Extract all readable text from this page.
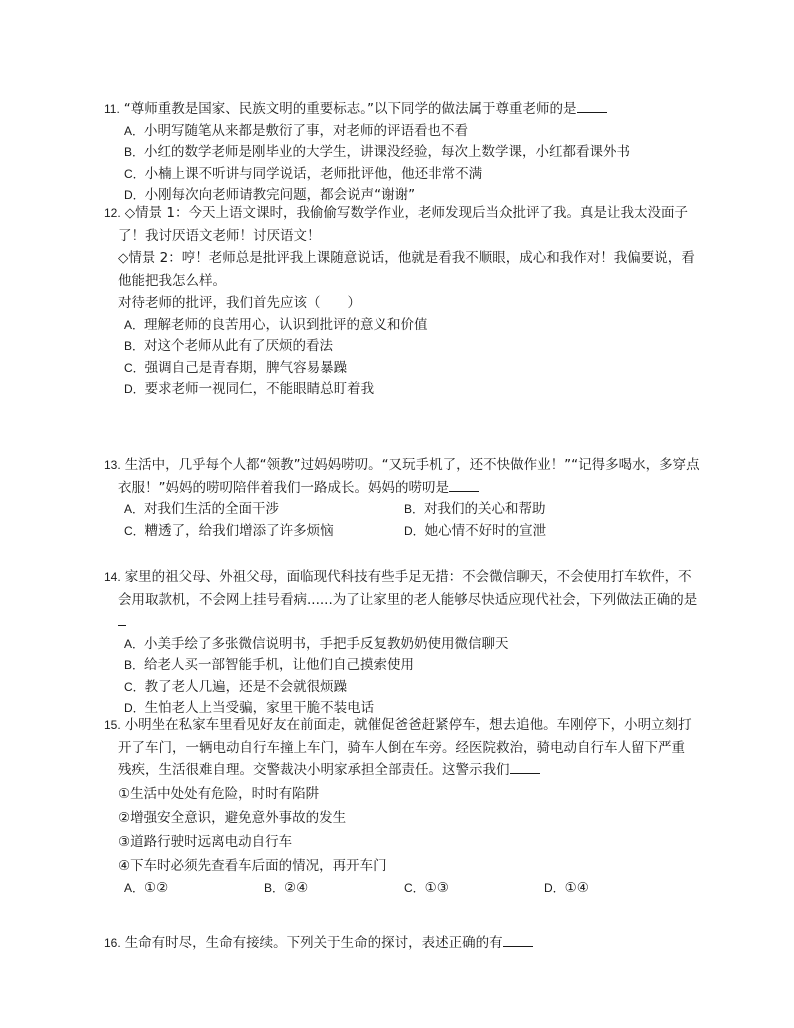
11. “尊师重教是国家、民族文明的重要标志。”以下同学的做法属于尊重老师的是

A．小明写随笔从来都是敷衍了事，对老师的评语看也不看

B．小红的数学老师是刚毕业的大学生，讲课没经验，每次上数学课，小红都看课外书

C．小楠上课不听讲与同学说话，老师批评他，他还非常不满

D．小刚每次向老师请教完问题，都会说声“谢谢”

12. ◇情景 1：今天上语文课时，我偷偷写数学作业，老师发现后当众批评了我。真是让我太没面子

了！我讨厌语文老师！讨厌语文！

◇情景 2：哼！老师总是批评我上课随意说话，他就是看我不顺眼，成心和我作对！我偏要说，看

他能把我怎么样。

对待老师的批评，我们首先应该（　　）

A．理解老师的良苦用心，认识到批评的意义和价值

B．对这个老师从此有了厌烦的看法

C．强调自己是青春期，脾气容易暴躁

D．要求老师一视同仁，不能眼睛总盯着我

13. 生活中，几乎每个人都“领教”过妈妈唠叨。“又玩手机了，还不快做作业！”“记得多喝水，多穿点

衣服！”妈妈的唠叨陪伴着我们一路成长。妈妈的唠叨是

A．对我们生活的全面干涉	B．对我们的关心和帮助

C．糟透了，给我们增添了许多烦恼	D．她心情不好时的宣泄

14. 家里的祖父母、外祖父母，面临现代科技有些手足无措：不会微信聊天，不会使用打车软件，不

会用取款机，不会网上挂号看病......为了让家里的老人能够尽快适应现代社会，下列做法正确的是

A．小美手绘了多张微信说明书，手把手反复教奶奶使用微信聊天

B．给老人买一部智能手机，让他们自己摸索使用

C．教了老人几遍，还是不会就很烦躁

D．生怕老人上当受骗，家里干脆不装电话

15. 小明坐在私家车里看见好友在前面走，就催促爸爸赶紧停车，想去追他。车刚停下，小明立刻打

开了车门，一辆电动自行车撞上车门，骑车人倒在车旁。经医院救治，骑电动自行车人留下严重

残疾，生活很难自理。交警裁决小明家承担全部责任。这警示我们

①生活中处处有危险，时时有陷阱

②增强安全意识，避免意外事故的发生

③道路行驶时远离电动自行车

④下车时必须先查看车后面的情况，再开车门

A．①②	B．②④	C．①③	D．①④

16. 生命有时尽，生命有接续。下列关于生命的探讨，表述正确的有
